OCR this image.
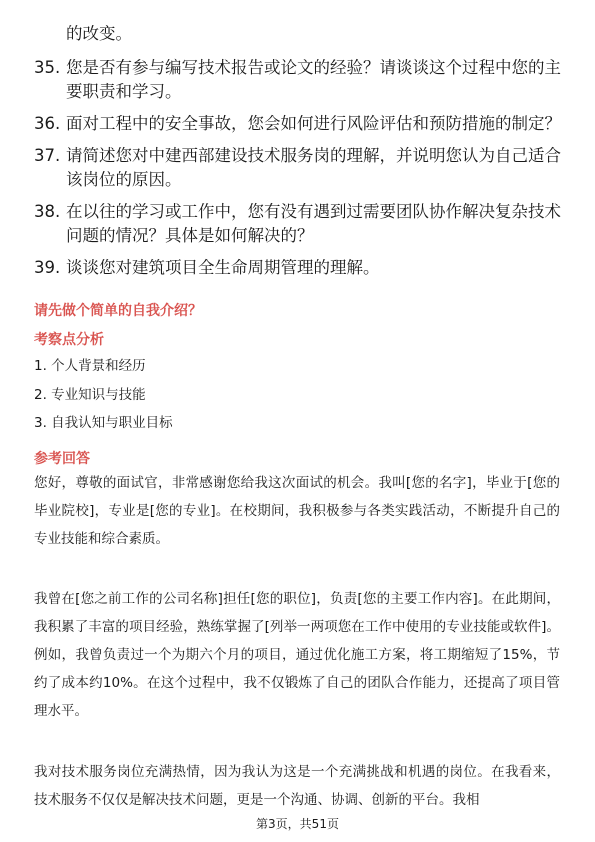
的改变。
35. 您是否有参与编写技术报告或论文的经验？请谈谈这个过程中您的主要职责和学习。
36. 面对工程中的安全事故，您会如何进行风险评估和预防措施的制定？
37. 请简述您对中建西部建设技术服务岗的理解，并说明您认为自己适合该岗位的原因。
38. 在以往的学习或工作中，您有没有遇到过需要团队协作解决复杂技术问题的情况？具体是如何解决的？
39. 谈谈您对建筑项目全生命周期管理的理解。
请先做个简单的自我介绍？
考察点分析
1. 个人背景和经历
2. 专业知识与技能
3. 自我认知与职业目标
参考回答
您好，尊敬的面试官，非常感谢您给我这次面试的机会。我叫[您的名字]，毕业于[您的毕业院校]，专业是[您的专业]。在校期间，我积极参与各类实践活动，不断提升自己的专业技能和综合素质。
我曾在[您之前工作的公司名称]担任[您的职位]，负责[您的主要工作内容]。在此期间，我积累了丰富的项目经验，熟练掌握了[列举一两项您在工作中使用的专业技能或软件]。例如，我曾负责过一个为期六个月的项目，通过优化施工方案，将工期缩短了15%，节约了成本约10%。在这个过程中，我不仅锻炼了自己的团队合作能力，还提高了项目管理水平。
我对技术服务岗位充满热情，因为我认为这是一个充满挑战和机遇的岗位。在我看来，技术服务不仅仅是解决技术问题，更是一个沟通、协调、创新的平台。我相
第3页，共51页
